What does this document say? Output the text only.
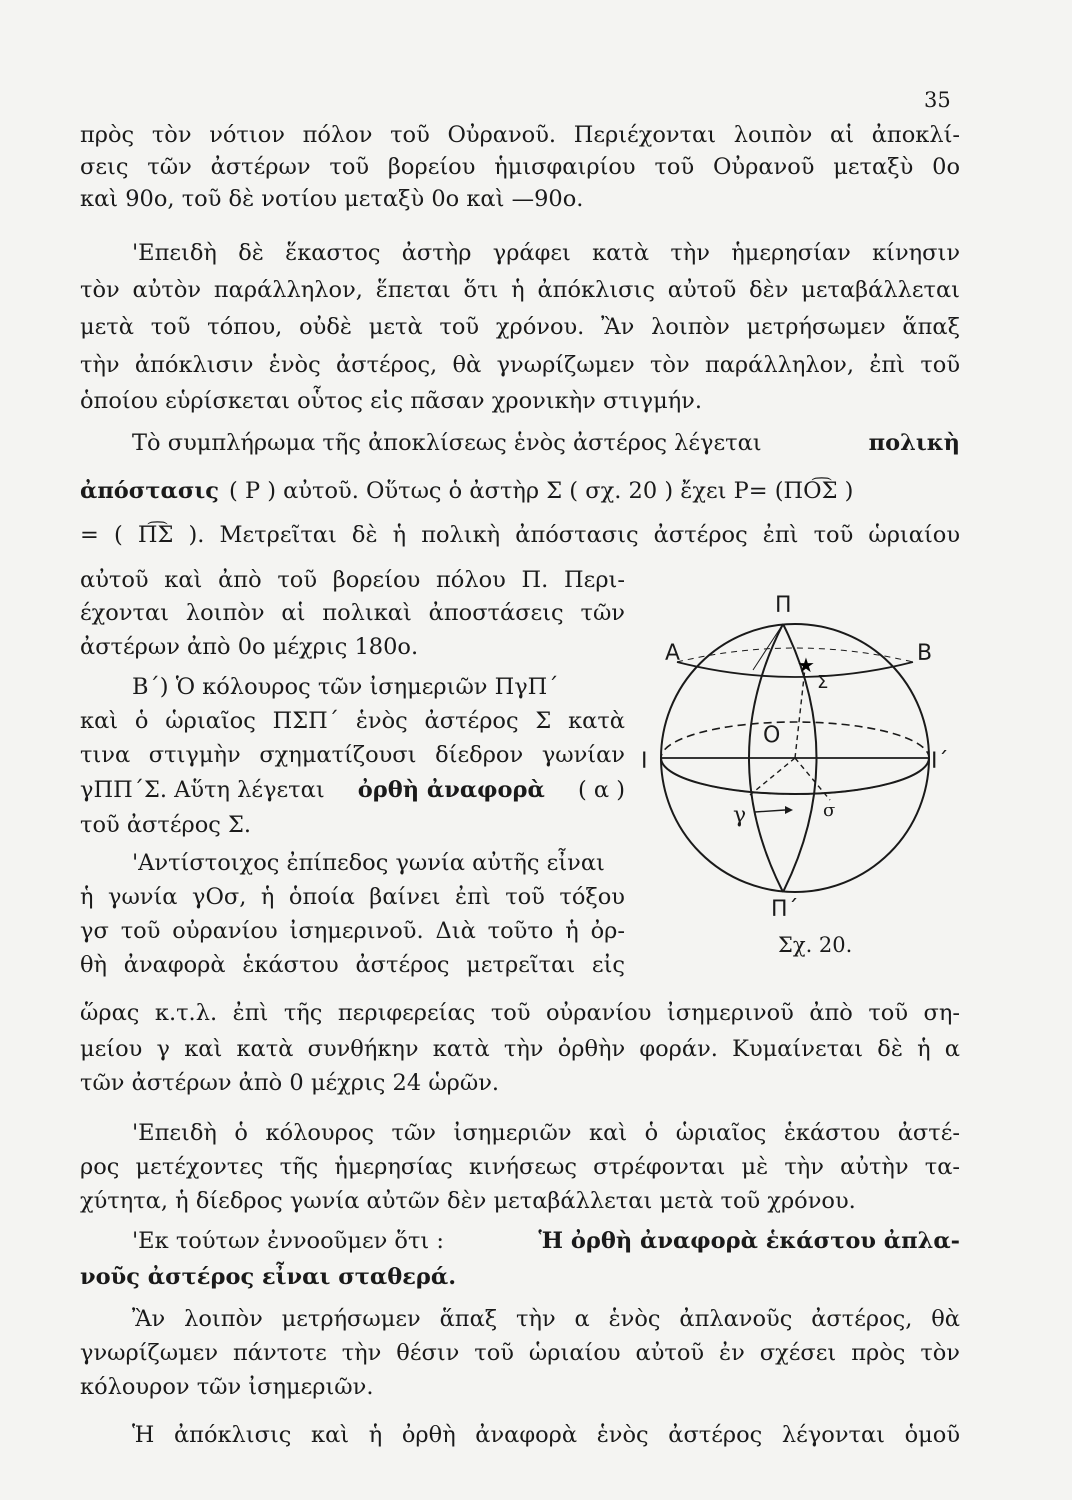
35
πρὸς τὸν νότιον πόλον τοῦ Οὐρανοῦ. Περιέχονται λοιπὸν αἱ ἀποκλί-
σεις τῶν ἀστέρων τοῦ βορείου ἡμισφαιρίου τοῦ Οὐρανοῦ μεταξὺ 0ο
καὶ 90ο, τοῦ δὲ νοτίου μεταξὺ 0ο καὶ —90ο.
'Επειδὴ δὲ ἕκαστος ἀστὴρ γράφει κατὰ τὴν ἡμερησίαν κίνησιν
τὸν αὐτὸν παράλληλον, ἕπεται ὅτι ἡ ἀπόκλισις αὐτοῦ δὲν μεταβάλλεται
μετὰ τοῦ τόπου, οὐδὲ μετὰ τοῦ χρόνου. Ἂν λοιπὸν μετρήσωμεν ἅπαξ
τὴν ἀπόκλισιν ἑνὸς ἀστέρος, θὰ γνωρίζωμεν τὸν παράλληλον, ἐπὶ τοῦ
ὁποίου εὑρίσκεται οὗτος εἰς πᾶσαν χρονικὴν στιγμήν.
Τὸ συμπλήρωμα τῆς ἀποκλίσεως ἑνὸς ἀστέρος λέγεται	πολικὴ
ἀπόστασις ( Ρ ) αὐτοῦ. Οὕτως ὁ ἀστὴρ Σ ( σχ. 20 ) ἔχει Ρ= (ΠΟ͡Σ )
= ( Π͡Σ ). Μετρεῖται δὲ ἡ πολικὴ ἀπόστασις ἀστέρος ἐπὶ τοῦ ὡριαίου
αὐτοῦ καὶ ἀπὸ τοῦ βορείου πόλου Π. Περι-
έχονται λοιπὸν αἱ πολικαὶ ἀποστάσεις τῶν
ἀστέρων ἀπὸ 0ο μέχρις 180ο.
Β΄) Ὁ κόλουρος τῶν ἰσημεριῶν ΠγΠ΄
καὶ ὁ ὡριαῖος ΠΣΠ΄ ἑνὸς ἀστέρος Σ κατὰ
τινα στιγμὴν σχηματίζουσι δίεδρον γωνίαν
γΠΠ΄Σ. Αὕτη λέγεται ὀρθὴ ἀναφορὰ ( α )
τοῦ ἀστέρος Σ.
'Αντίστοιχος ἐπίπεδος γωνία αὐτῆς εἶναι
ἡ γωνία γΟσ, ἡ ὁποία βαίνει ἐπὶ τοῦ τόξου
γσ τοῦ οὐρανίου ἰσημερινοῦ. Διὰ τοῦτο ἡ ὀρ-
θὴ ἀναφορὰ ἑκάστου ἀστέρος μετρεῖται εἰς
ὥρας κ.τ.λ. ἐπὶ τῆς περιφερείας τοῦ οὐρανίου ἰσημερινοῦ ἀπὸ τοῦ ση-
μείου γ καὶ κατὰ συνθήκην κατὰ τὴν ὀρθὴν φοράν. Κυμαίνεται δὲ ἡ α
τῶν ἀστέρων ἀπὸ 0 μέχρις 24 ὡρῶν.
'Επειδὴ ὁ κόλουρος τῶν ἰσημεριῶν καὶ ὁ ὡριαῖος ἑκάστου ἀστέ-
ρος μετέχοντες τῆς ἡμερησίας κινήσεως στρέφονται μὲ τὴν αὐτὴν τα-
χύτητα, ἡ δίεδρος γωνία αὐτῶν δὲν μεταβάλλεται μετὰ τοῦ χρόνου.
'Εκ τούτων ἐννοοῦμεν ὅτι :	Ἡ ὀρθὴ ἀναφορὰ ἑκάστου ἀπλα-
νοῦς ἀστέρος εἶναι σταθερά.
Ἂν λοιπὸν μετρήσωμεν ἅπαξ τὴν α ἑνὸς ἀπλανοῦς ἀστέρος, θὰ
γνωρίζωμεν πάντοτε τὴν θέσιν τοῦ ὡριαίου αὐτοῦ ἐν σχέσει πρὸς τὸν
κόλουρον τῶν ἰσημεριῶν.
Ἡ ἀπόκλισις καὶ ἡ ὀρθὴ ἀναφορὰ ἑνὸς ἀστέρος λέγονται ὁμοῦ
★
Π
Α	Β
Σ
Ο
Ι	Ι΄
γ	σ
Π΄
Σχ. 20.
